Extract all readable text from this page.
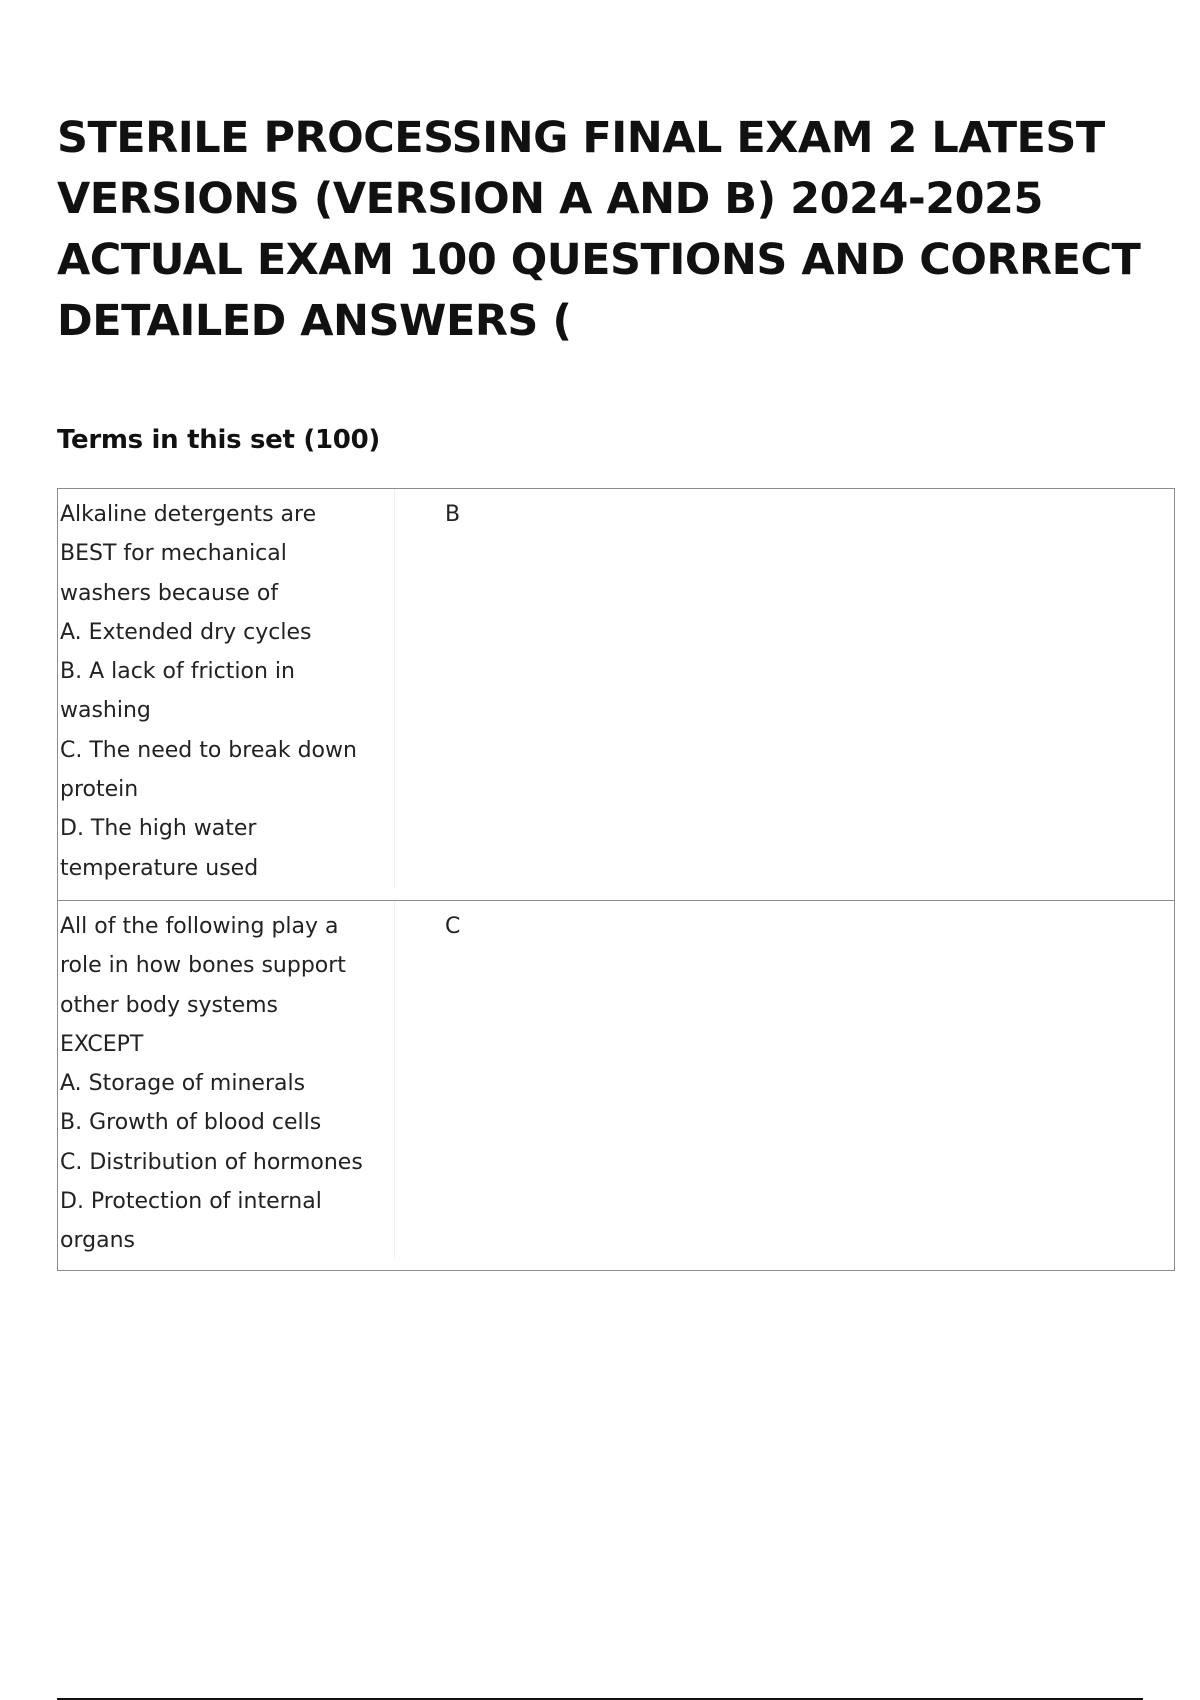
STERILE PROCESSING FINAL EXAM 2 LATEST
VERSIONS (VERSION A AND B) 2024-2025
ACTUAL EXAM 100 QUESTIONS AND CORRECT
DETAILED ANSWERS (
Terms in this set (100)
Alkaline detergents are
BEST for mechanical
washers because of
A. Extended dry cycles
B. A lack of friction in
washing
C. The need to break down
protein
D. The high water
temperature used
B
All of the following play a
role in how bones support
other body systems
EXCEPT
A. Storage of minerals
B. Growth of blood cells
C. Distribution of hormones
D. Protection of internal
organs
C
